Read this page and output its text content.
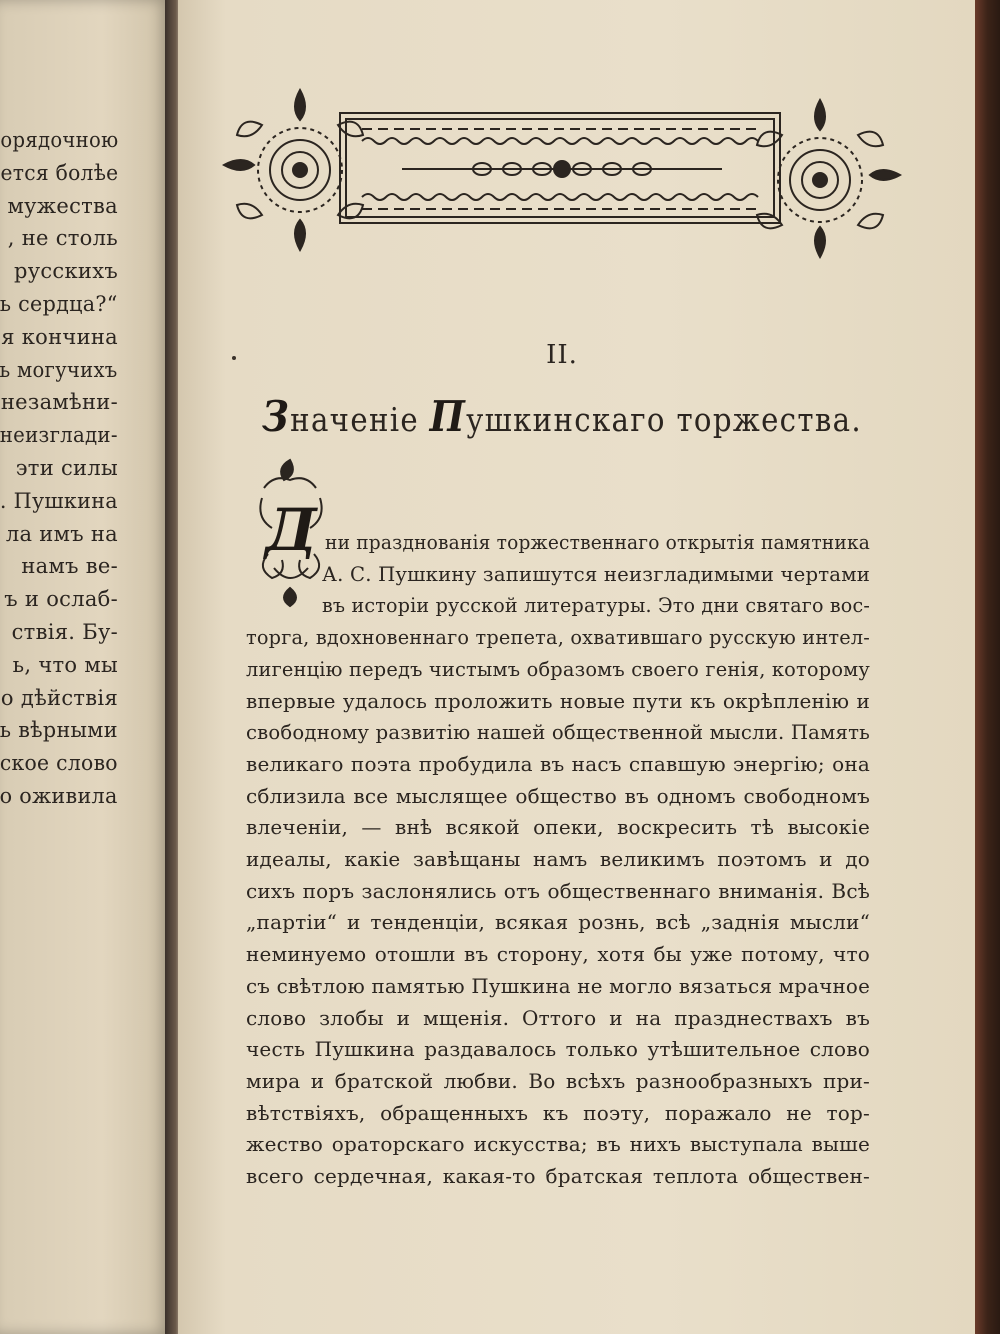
орядочною
ется болѣе
мужества
, не столь
русскихъ
ь сердца?“
я кончина
ь могучихъ
незамѣни-
неизглади-
эти силы
. Пушкина
ла имъ на
намъ ве-
ъ и ослаб-
ствія. Бу-
ь, что мы
о дѣйствія
ь вѣрными
ское слово
о оживила
II.
Значеніе Пушкинскаго торжества.
Д ни празднованія торжественнаго открытія памятника
А. С. Пушкину запишутся неизгладимыми чертами
въ исторіи русской литературы. Это дни святаго вос-
торга, вдохновеннаго трепета, охватившаго русскую интел-
лигенцію передъ чистымъ образомъ своего генія, которому
впервые удалось проложить новые пути къ окрѣпленію и
свободному развитію нашей общественной мысли. Память
великаго поэта пробудила въ насъ спавшую энергію; она
сблизила все мыслящее общество въ одномъ свободномъ
влеченіи, — внѣ всякой опеки, воскресить тѣ высокіе
идеалы, какіе завѣщаны намъ великимъ поэтомъ и до
сихъ поръ заслонялись отъ общественнаго вниманія. Всѣ
„партіи“ и тенденціи, всякая рознь, всѣ „заднія мысли“
неминуемо отошли въ сторону, хотя бы уже потому, что
съ свѣтлою памятью Пушкина не могло вязаться мрачное
слово злобы и мщенія. Оттого и на празднествахъ въ
честь Пушкина раздавалось только утѣшительное слово
мира и братской любви. Во всѣхъ разнообразныхъ при-
вѣтствіяхъ, обращенныхъ къ поэту, поражало не тор-
жество ораторскаго искусства; въ нихъ выступала выше
всего сердечная, какая-то братская теплота обществен-
